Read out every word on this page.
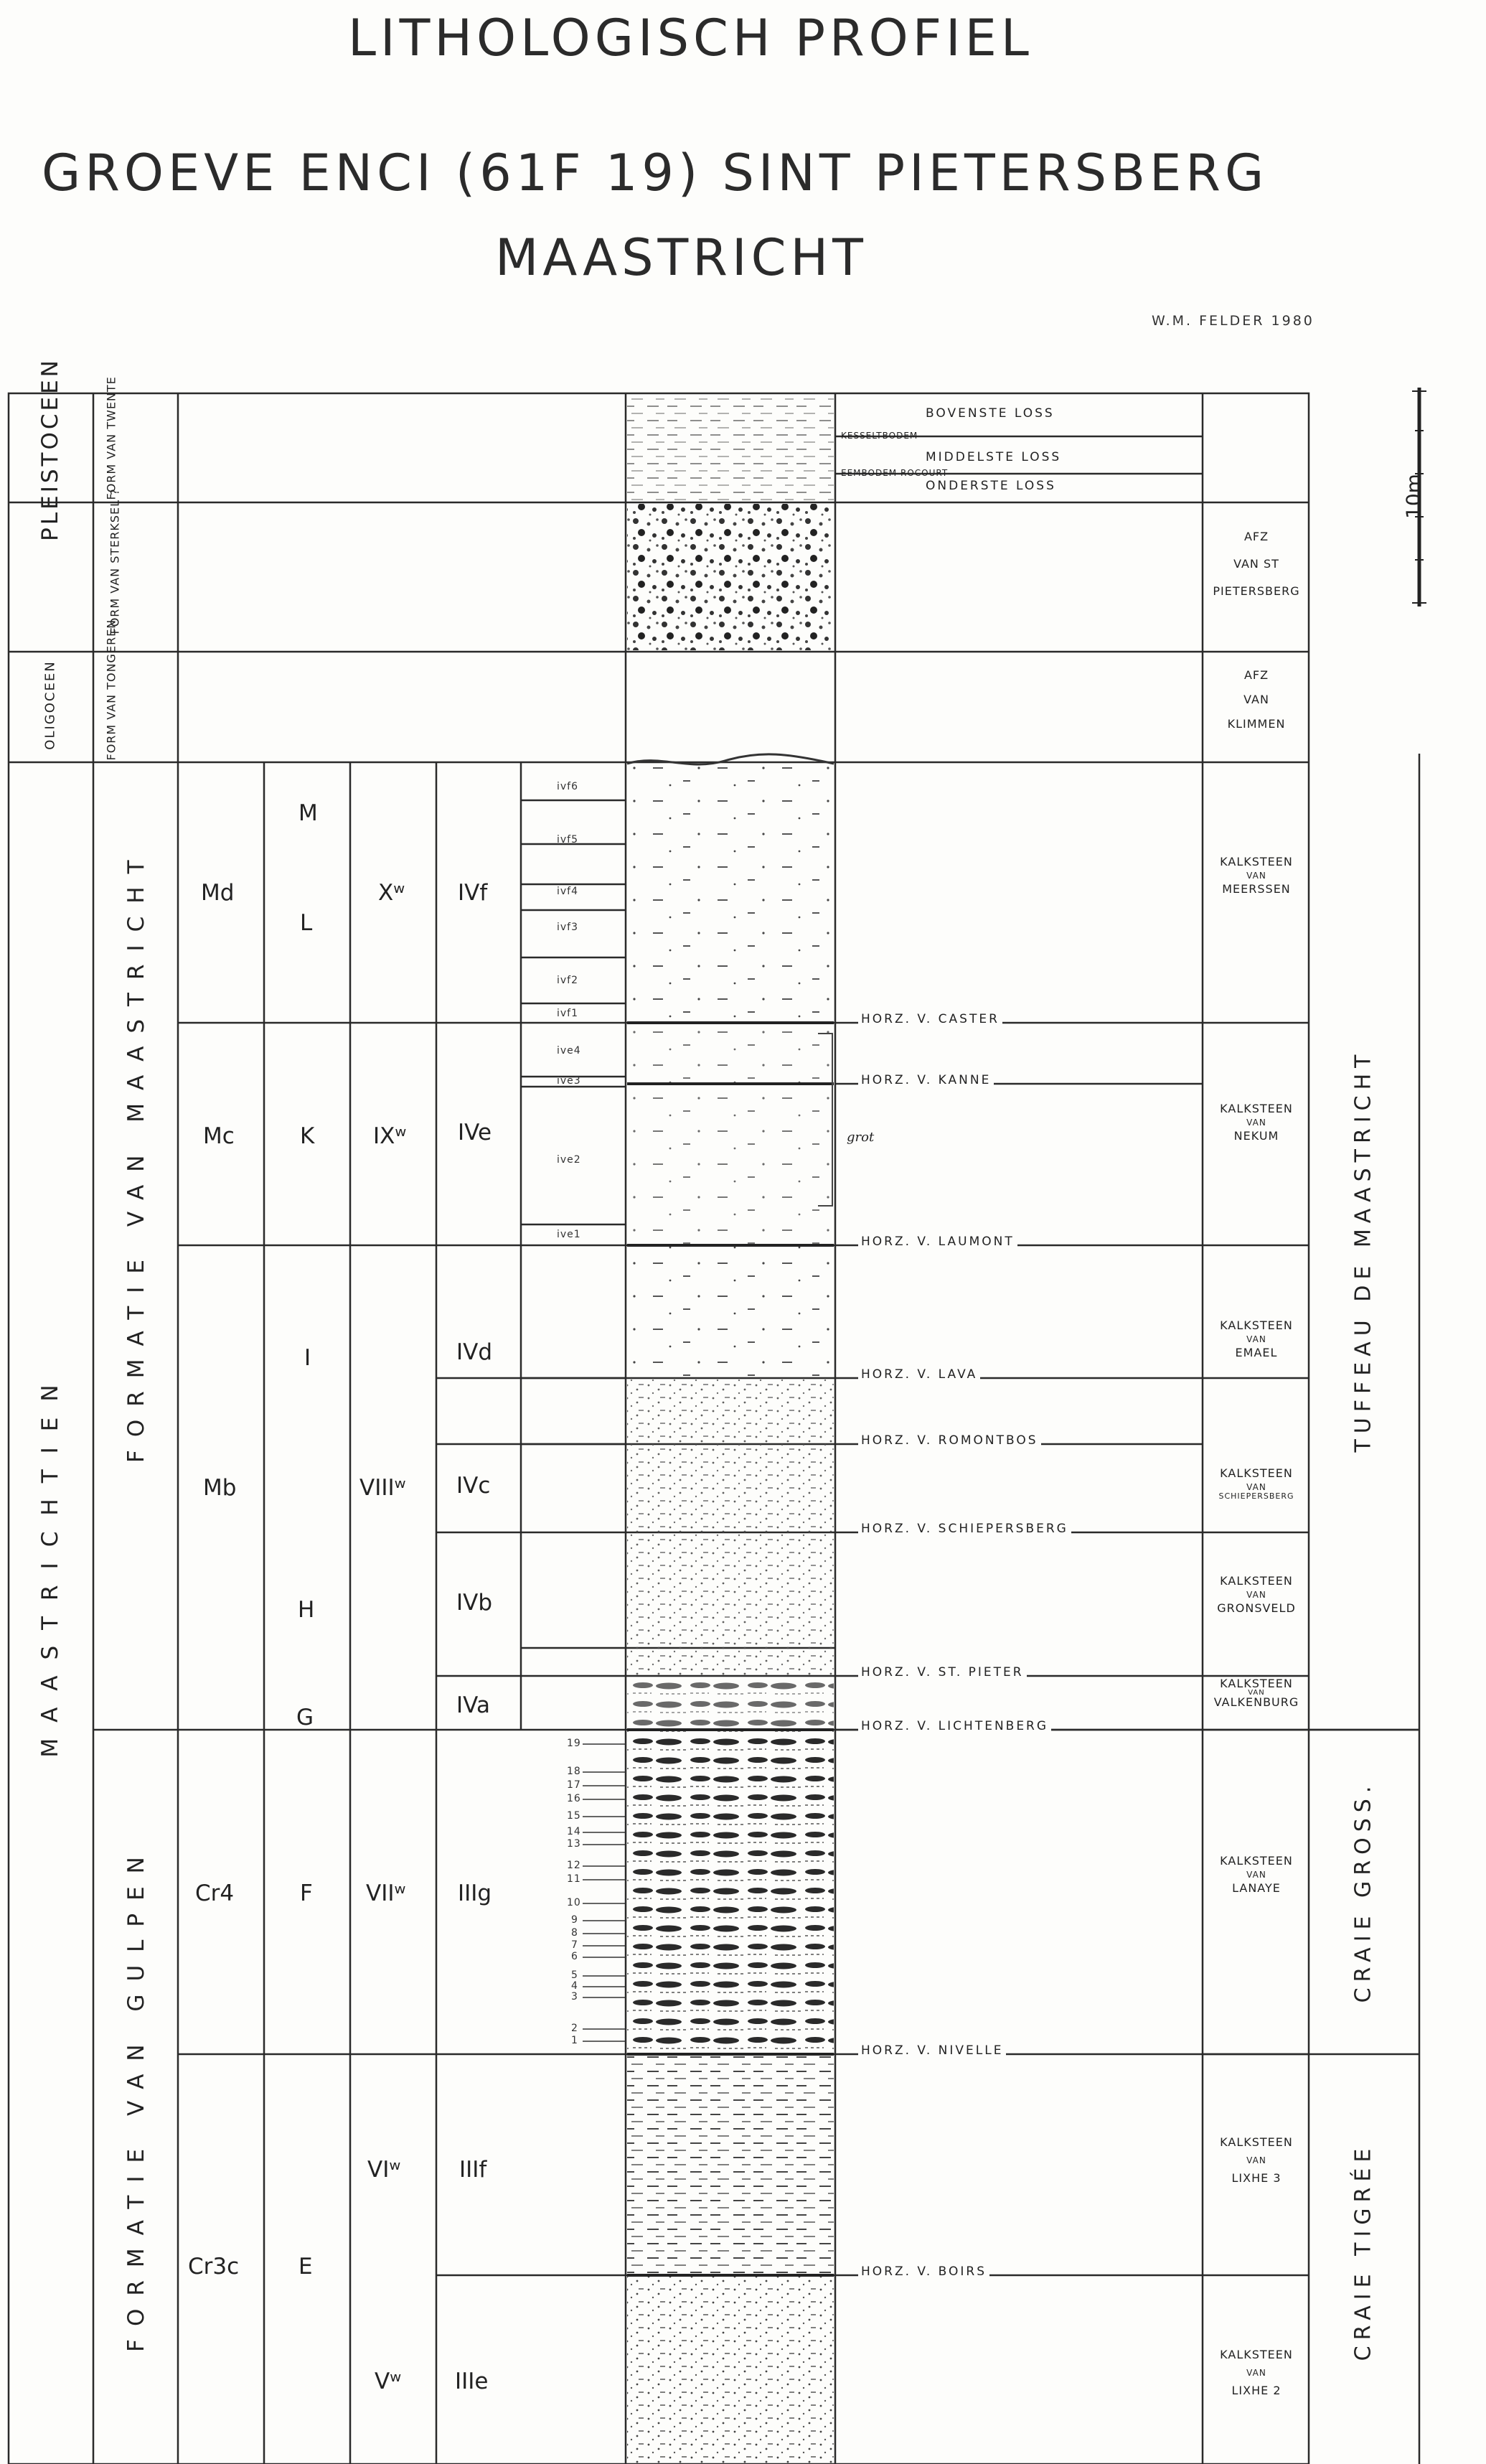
LITHOLOGISCH PROFIEL
GROEVE ENCI (61F 19) SINT PIETERSBERG
MAASTRICHT
W.M. FELDER 1980
10m
PLEISTOCEEN
OLIGOCEEN
MAASTRICHTIEN
FORM VAN TWENTE
FORM VAN STERKSEL ?
FORM VAN TONGEREN
FORMATIE VAN MAASTRICHT
FORMATIE VAN GULPEN
Md
Mc
Mb
Cr4
Cr3c
M
L
K
I
H
G
F
E
Xʷ
IXʷ
VIIIʷ
VIIʷ
VIʷ
Vʷ
IVf
IVe
IVd
IVc
IVb
IVa
IIIg
IIIf
IIIe
ivf6
ivf5
ivf4
ivf3
ivf2
ivf1
ive4
ive3
ive2
ive1
19
18
17
16
15
14
13
12
11
10
9
8
7
6
5
4
3
2
1
BOVENSTE LOSS
KESSELTBODEM
MIDDELSTE LOSS
EEMBODEM ROCOURT
ONDERSTE LOSS
grot
HORZ. V. CASTER
HORZ. V. KANNE
HORZ. V. LAUMONT
HORZ. V. LAVA
HORZ. V. ROMONTBOS
HORZ. V. SCHIEPERSBERG
HORZ. V. ST. PIETER
HORZ. V. LICHTENBERG
HORZ. V. NIVELLE
HORZ. V. BOIRS
AFZ
VAN ST
PIETERSBERG
AFZ
VAN
KLIMMEN
KALKSTEEN
VAN
MEERSSEN
KALKSTEEN
VAN
NEKUM
KALKSTEEN
VAN
EMAEL
KALKSTEEN
VAN
SCHIEPERSBERG
KALKSTEEN
VAN
GRONSVELD
KALKSTEEN
VAN
VALKENBURG
KALKSTEEN
VAN
LANAYE
KALKSTEEN
VAN
LIXHE 3
KALKSTEEN
VAN
LIXHE 2
TUFFEAU DE MAASTRICHT
CRAIE GROSS.
CRAIE TIGRÉE
